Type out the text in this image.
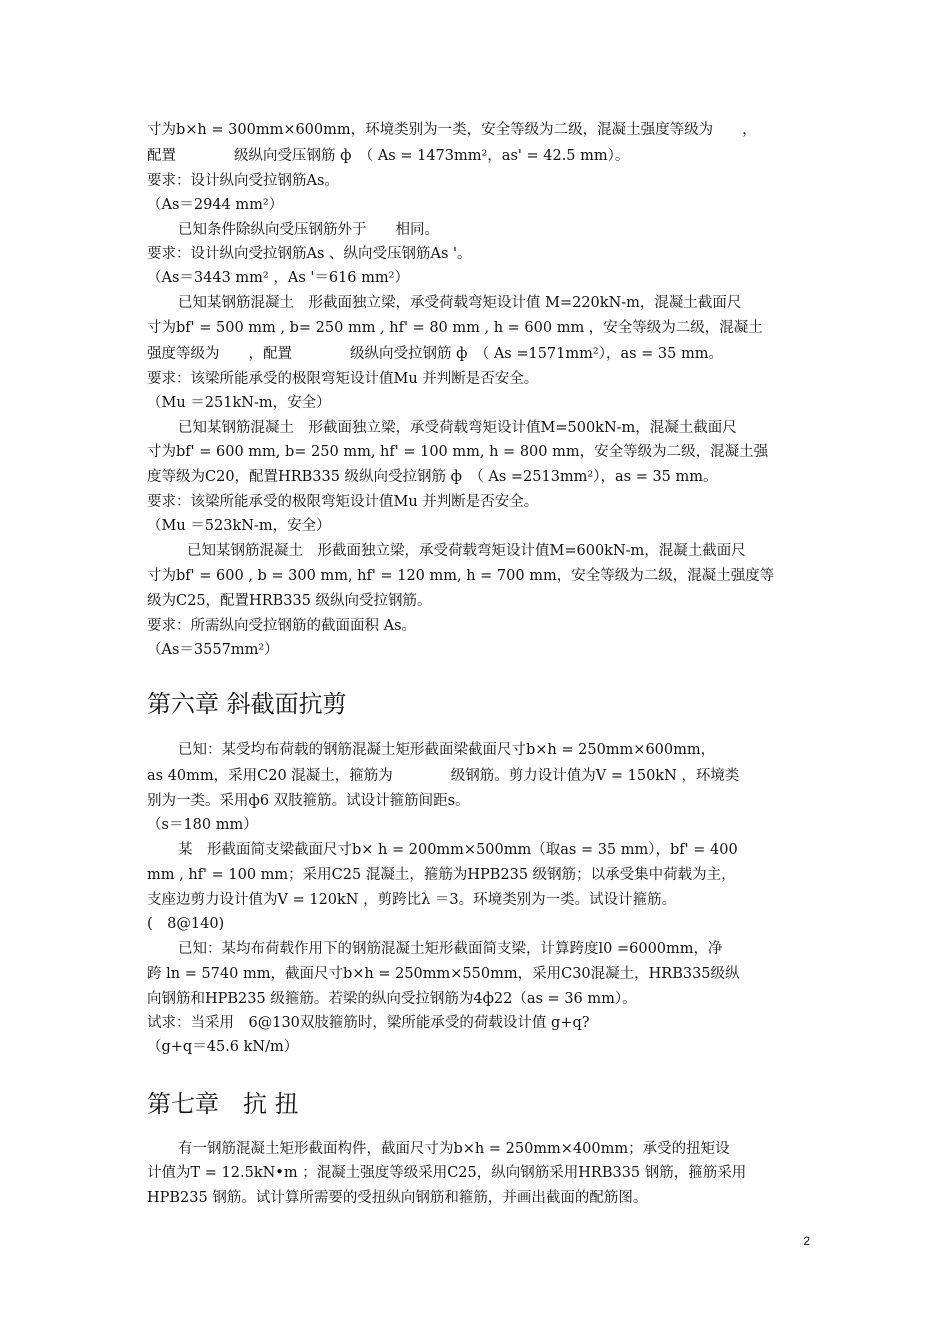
寸为b×h = 300mm×600mm，环境类别为一类，安全等级为二级，混凝土强度等级为　　，
配置　　　　级纵向受压钢筋 ф　（ As = 1473mm²，as' = 42.5 mm）。
要求：设计纵向受拉钢筋As。
（As＝2944 mm²）
已知条件除纵向受压钢筋外于　　相同。
要求：设计纵向受拉钢筋As 、纵向受压钢筋As '。
（As＝3443 mm² ，As '＝616 mm²）
已知某钢筋混凝土　形截面独立梁，承受荷载弯矩设计值 M=220kN-m，混凝土截面尺
寸为bf' = 500 mm , b= 250 mm , hf' = 80 mm , h = 600 mm ，安全等级为二级，混凝土
强度等级为　　，配置　　　　级纵向受拉钢筋 ф　（ As =1571mm²），as = 35 mm。
要求：该梁所能承受的极限弯矩设计值Mu 并判断是否安全。
（Mu ＝251kN-m，安全）
已知某钢筋混凝土　形截面独立梁，承受荷载弯矩设计值M=500kN-m，混凝土截面尺
寸为bf' = 600 mm, b= 250 mm, hf' = 100 mm, h = 800 mm，安全等级为二级，混凝土强
度等级为C20，配置HRB335 级纵向受拉钢筋 ф　（ As =2513mm²），as = 35 mm。
要求：该梁所能承受的极限弯矩设计值Mu 并判断是否安全。
（Mu ＝523kN-m，安全）
已知某钢筋混凝土　形截面独立梁，承受荷载弯矩设计值M=600kN-m，混凝土截面尺
寸为bf' = 600 , b = 300 mm, hf' = 120 mm, h = 700 mm，安全等级为二级，混凝土强度等
级为C25，配置HRB335 级纵向受拉钢筋。
要求：所需纵向受拉钢筋的截面面积 As。
（As＝3557mm²）
第六章 斜截面抗剪
已知：某受均布荷载的钢筋混凝土矩形截面梁截面尺寸b×h = 250mm×600mm，
as 40mm，采用C20 混凝土，箍筋为　　　　级钢筋。剪力设计值为V = 150kN ，环境类
别为一类。采用ф6 双肢箍筋。试设计箍筋间距s。
（s＝180 mm）
某　形截面简支梁截面尺寸b× h = 200mm×500mm（取as = 35 mm），bf' = 400
mm , hf' = 100 mm；采用C25 混凝土，箍筋为HPB235 级钢筋；以承受集中荷载为主，
支座边剪力设计值为V = 120kN ，剪跨比λ ＝3。环境类别为一类。试设计箍筋。
(　8@140)
已知：某均布荷载作用下的钢筋混凝土矩形截面简支梁，计算跨度l0 =6000mm，净
跨 ln = 5740 mm，截面尺寸b×h = 250mm×550mm，采用C30混凝土，HRB335级纵
向钢筋和HPB235 级箍筋。若梁的纵向受拉钢筋为4ф22（as = 36 mm）。
试求：当采用　6@130双肢箍筋时，梁所能承受的荷载设计值 g+q?
（g+q＝45.6 kN/m）
第七章　抗 扭
有一钢筋混凝土矩形截面构件，截面尺寸为b×h = 250mm×400mm；承受的扭矩设
计值为T = 12.5kN•m ；混凝土强度等级采用C25，纵向钢筋采用HRB335 钢筋，箍筋采用
HPB235 钢筋。试计算所需要的受扭纵向钢筋和箍筋，并画出截面的配筋图。
2
